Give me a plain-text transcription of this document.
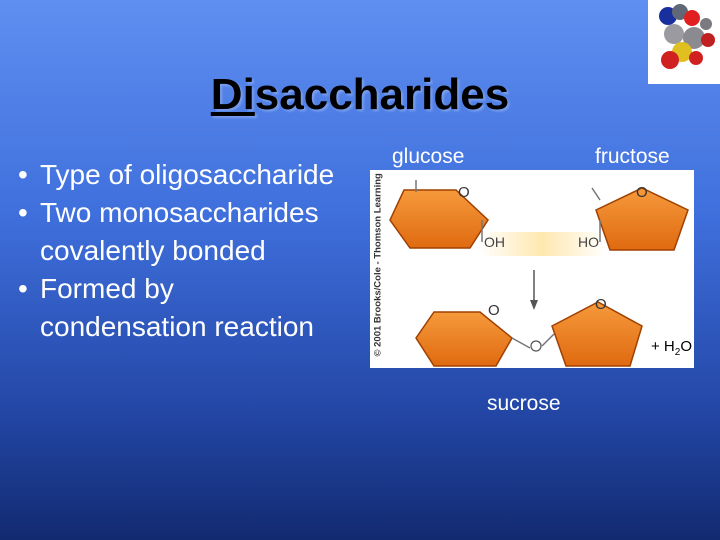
Disaccharides
• Type of oligosaccharide
• Two monosaccharides covalently bonded
• Formed by condensation reaction
glucose	fructose
sucrose
© 2001 Brooks/Cole - Thomson Learning	O	O
O	O
OH	HO
+ $H_2O$
